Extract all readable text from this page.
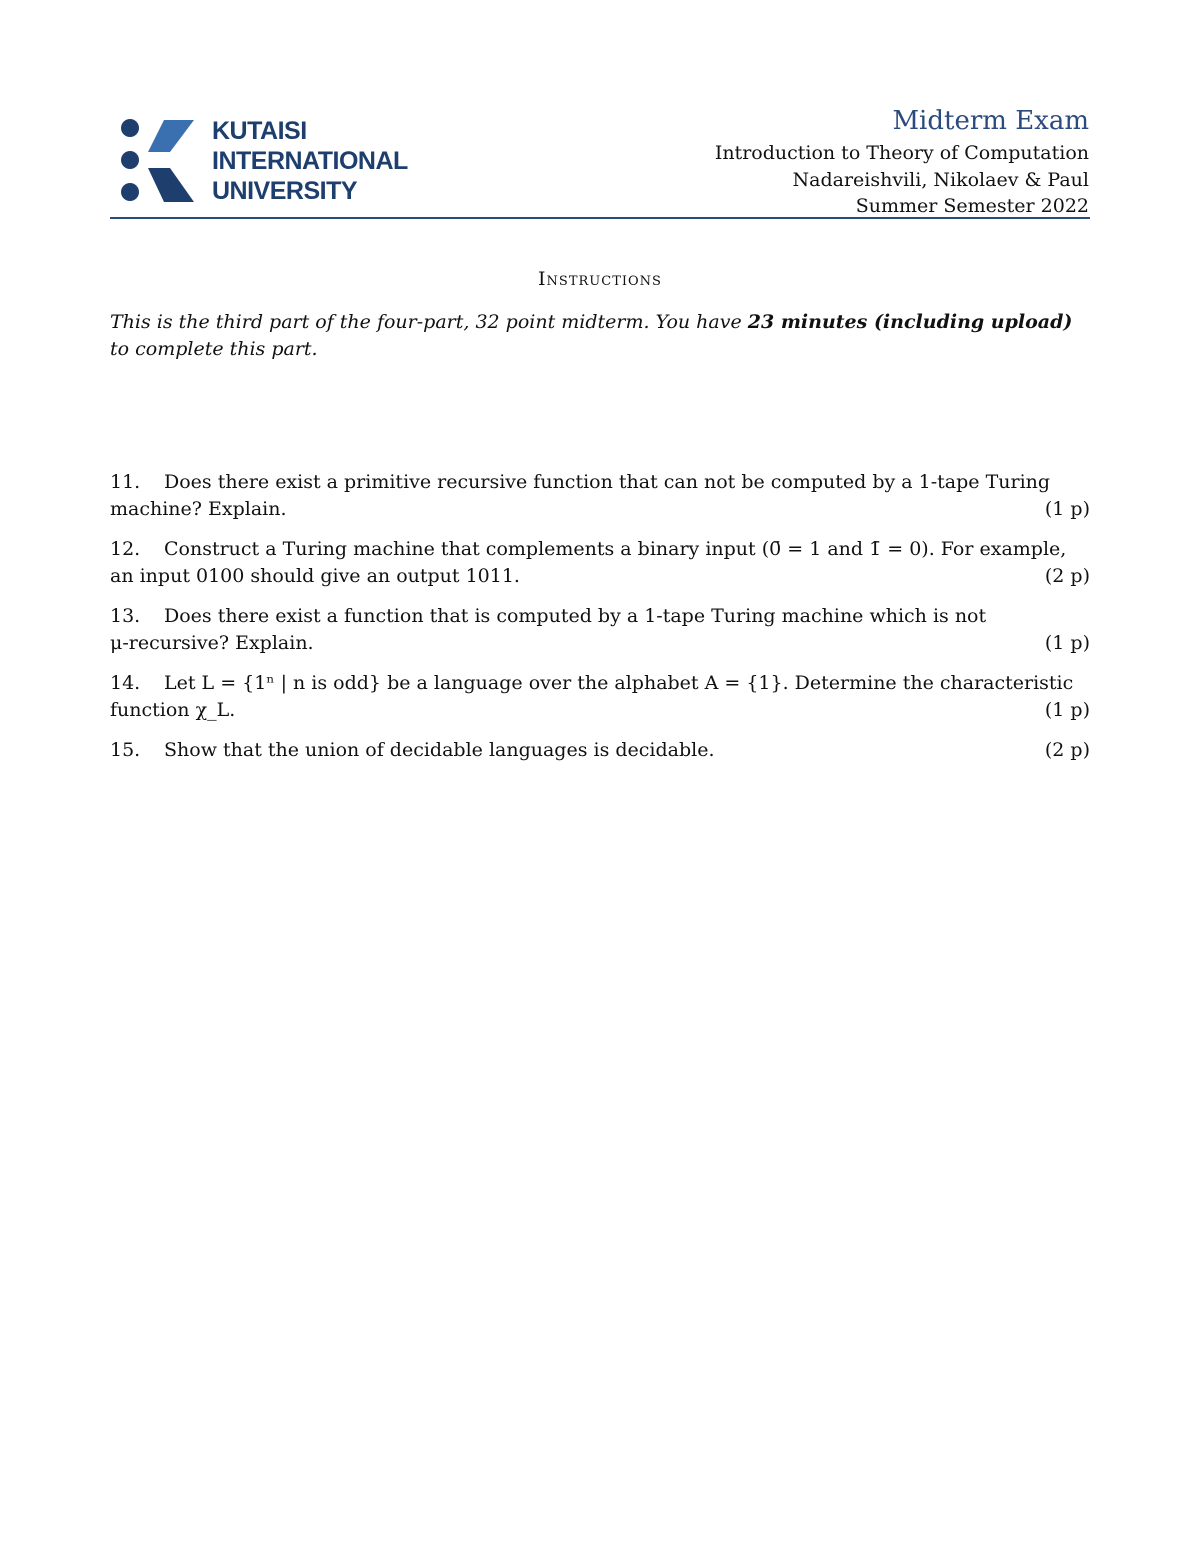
KUTAISI
INTERNATIONAL
UNIVERSITY
Midterm Exam
Introduction to Theory of Computation
Nadareishvili, Nikolaev & Paul
Summer Semester 2022
Instructions
This is the third part of the four-part, 32 point midterm. You have 23 minutes (including upload) to complete this part.
11. Does there exist a primitive recursive function that can not be computed by a 1-tape Turing
machine? Explain.	(1 p)
12. Construct a Turing machine that complements a binary input (0̄ = 1 and 1̄ = 0). For example,
an input 0100 should give an output 1011.	(2 p)
13. Does there exist a function that is computed by a 1-tape Turing machine which is not
μ-recursive? Explain.	(1 p)
14. Let L = {1ⁿ | n is odd} be a language over the alphabet A = {1}. Determine the characteristic
function χ_L.	(1 p)
15. Show that the union of decidable languages is decidable.	(2 p)
